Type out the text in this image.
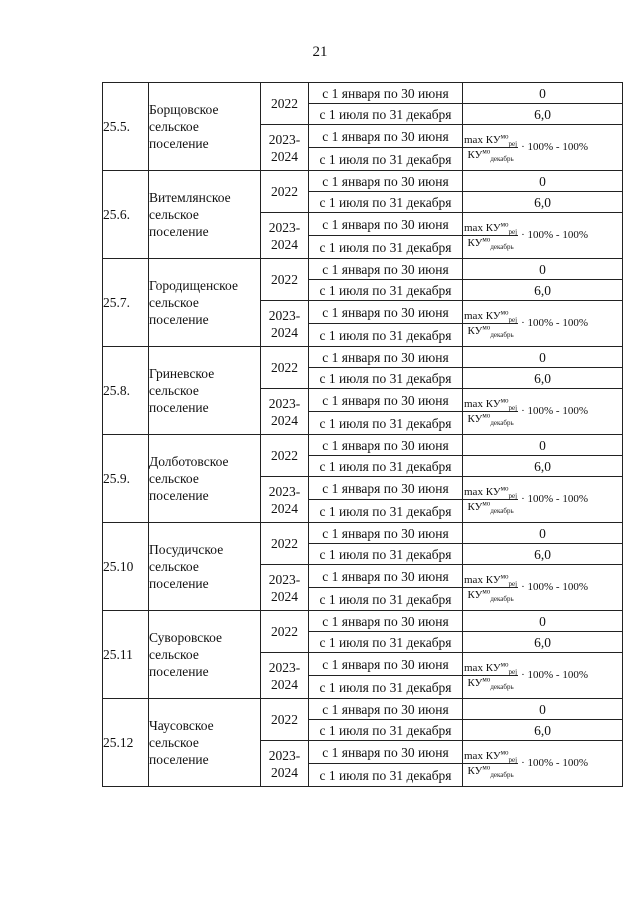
21
25.5.	Борщовское сельское поселение	2022	с 1 января по 30 июня	0
			с 1 июля по 31 декабря	6,0
		2023-2024	с 1 января по 30 июня	$\frac{\max КУ^{мо}_{pej}}{КУ^{мо}_{декабрь}} \cdot 100\% - 100\%$
			с 1 июля по 31 декабря	
25.6.	Витемлянское сельское поселение	2022	с 1 января по 30 июня	0
			с 1 июля по 31 декабря	6,0
		2023-2024	с 1 января по 30 июня	$\frac{\max КУ^{мо}_{pej}}{КУ^{мо}_{декабрь}} \cdot 100\% - 100\%$
			с 1 июля по 31 декабря	
25.7.	Городищенское сельское поселение	2022	с 1 января по 30 июня	0
			с 1 июля по 31 декабря	6,0
		2023-2024	с 1 января по 30 июня	$\frac{\max КУ^{мо}_{pej}}{КУ^{мо}_{декабрь}} \cdot 100\% - 100\%$
			с 1 июля по 31 декабря	
25.8.	Гриневское сельское поселение	2022	с 1 января по 30 июня	0
			с 1 июля по 31 декабря	6,0
		2023-2024	с 1 января по 30 июня	$\frac{\max КУ^{мо}_{pej}}{КУ^{мо}_{декабрь}} \cdot 100\% - 100\%$
			с 1 июля по 31 декабря	
25.9.	Долботовское сельское поселение	2022	с 1 января по 30 июня	0
			с 1 июля по 31 декабря	6,0
		2023-2024	с 1 января по 30 июня	$\frac{\max КУ^{мо}_{pej}}{КУ^{мо}_{декабрь}} \cdot 100\% - 100\%$
			с 1 июля по 31 декабря	
25.10	Посудичское сельское поселение	2022	с 1 января по 30 июня	0
			с 1 июля по 31 декабря	6,0
		2023-2024	с 1 января по 30 июня	$\frac{\max КУ^{мо}_{pej}}{КУ^{мо}_{декабрь}} \cdot 100\% - 100\%$
			с 1 июля по 31 декабря	
25.11	Суворовское сельское поселение	2022	с 1 января по 30 июня	0
			с 1 июля по 31 декабря	6,0
		2023-2024	с 1 января по 30 июня	$\frac{\max КУ^{мо}_{pej}}{КУ^{мо}_{декабрь}} \cdot 100\% - 100\%$
			с 1 июля по 31 декабря	
25.12	Чаусовское сельское поселение	2022	с 1 января по 30 июня	0
			с 1 июля по 31 декабря	6,0
		2023-2024	с 1 января по 30 июня	$\frac{\max КУ^{мо}_{pej}}{КУ^{мо}_{декабрь}} \cdot 100\% - 100\%$
			с 1 июля по 31 декабря	
